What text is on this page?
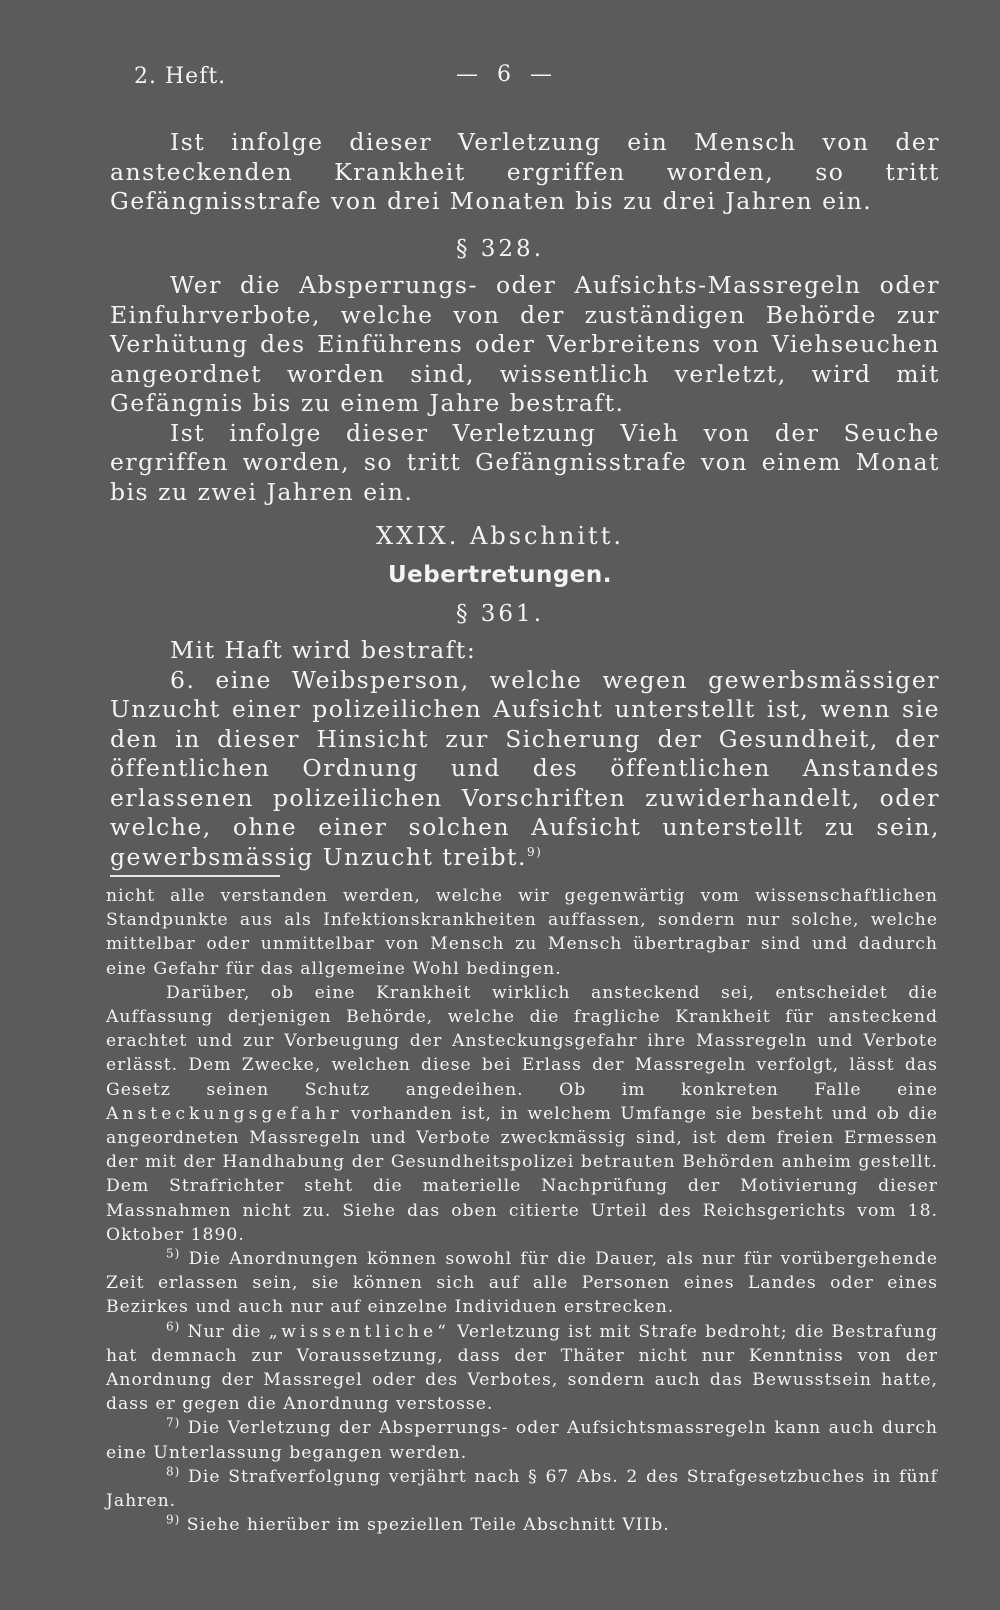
2. Heft.	— 6 —

Ist infolge dieser Verletzung ein Mensch von der ansteckenden Krankheit ergriffen worden, so tritt Gefängnisstrafe von drei Monaten bis zu drei Jahren ein.

§ 328.

Wer die Absperrungs- oder Aufsichts-Massregeln oder Einfuhrverbote, welche von der zuständigen Behörde zur Verhütung des Einführens oder Verbreitens von Viehseuchen angeordnet worden sind, wissentlich verletzt, wird mit Gefängnis bis zu einem Jahre bestraft.

Ist infolge dieser Verletzung Vieh von der Seuche ergriffen worden, so tritt Gefängnisstrafe von einem Monat bis zu zwei Jahren ein.

XXIX. Abschnitt.
Uebertretungen.
§ 361.

Mit Haft wird bestraft:

6. eine Weibsperson, welche wegen gewerbsmässiger Unzucht einer polizeilichen Aufsicht unterstellt ist, wenn sie den in dieser Hinsicht zur Sicherung der Gesundheit, der öffentlichen Ordnung und des öffentlichen Anstandes erlassenen polizeilichen Vorschriften zuwiderhandelt, oder welche, ohne einer solchen Aufsicht unterstellt zu sein, gewerbsmässig Unzucht treibt.$^{9)}$

nicht alle verstanden werden, welche wir gegenwärtig vom wissenschaftlichen Standpunkte aus als Infektionskrankheiten auffassen, sondern nur solche, welche mittelbar oder unmittelbar von Mensch zu Mensch übertragbar sind und dadurch eine Gefahr für das allgemeine Wohl bedingen.

Darüber, ob eine Krankheit wirklich ansteckend sei, entscheidet die Auffassung derjenigen Behörde, welche die fragliche Krankheit für ansteckend erachtet und zur Vorbeugung der Ansteckungsgefahr ihre Massregeln und Verbote erlässt. Dem Zwecke, welchen diese bei Erlass der Massregeln verfolgt, lässt das Gesetz seinen Schutz angedeihen. Ob im konkreten Falle eine Ansteckungsgefahr vorhanden ist, in welchem Umfange sie besteht und ob die angeordneten Massregeln und Verbote zweckmässig sind, ist dem freien Ermessen der mit der Handhabung der Gesundheitspolizei betrauten Behörden anheim gestellt. Dem Strafrichter steht die materielle Nachprüfung der Motivierung dieser Massnahmen nicht zu. Siehe das oben citierte Urteil des Reichsgerichts vom 18. Oktober 1890.

$^{5)}$ Die Anordnungen können sowohl für die Dauer, als nur für vorübergehende Zeit erlassen sein, sie können sich auf alle Personen eines Landes oder eines Bezirkes und auch nur auf einzelne Individuen erstrecken.

$^{6)}$ Nur die „wissentliche“ Verletzung ist mit Strafe bedroht; die Bestrafung hat demnach zur Voraussetzung, dass der Thäter nicht nur Kenntniss von der Anordnung der Massregel oder des Verbotes, sondern auch das Bewusstsein hatte, dass er gegen die Anordnung verstosse.

$^{7)}$ Die Verletzung der Absperrungs- oder Aufsichtsmassregeln kann auch durch eine Unterlassung begangen werden.

$^{8)}$ Die Strafverfolgung verjährt nach § 67 Abs. 2 des Strafgesetzbuches in fünf Jahren.

$^{9)}$ Siehe hierüber im speziellen Teile Abschnitt VIIb.
